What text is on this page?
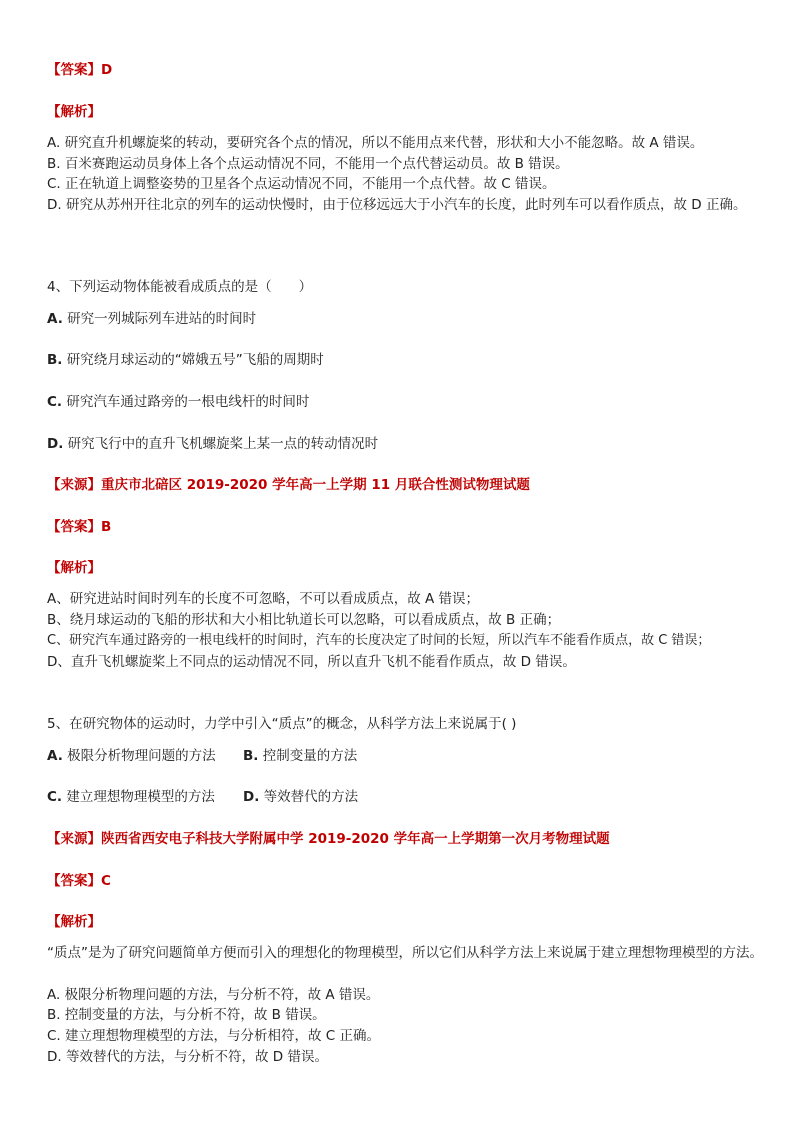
【答案】D
【解析】
A. 研究直升机螺旋桨的转动，要研究各个点的情况，所以不能用点来代替，形状和大小不能忽略。故 A 错误。
B. 百米赛跑运动员身体上各个点运动情况不同，不能用一个点代替运动员。故 B 错误。
C. 正在轨道上调整姿势的卫星各个点运动情况不同，不能用一个点代替。故 C 错误。
D. 研究从苏州开往北京的列车的运动快慢时，由于位移远远大于小汽车的长度，此时列车可以看作质点，故 D 正确。
4、下列运动物体能被看成质点的是（　　）
A. 研究一列城际列车进站的时间时
B. 研究绕月球运动的“嫦娥五号”飞船的周期时
C. 研究汽车通过路旁的一根电线杆的时间时
D. 研究飞行中的直升飞机螺旋桨上某一点的转动情况时
【来源】重庆市北碚区 2019-2020 学年高一上学期 11 月联合性测试物理试题
【答案】B
【解析】
A、研究进站时间时列车的长度不可忽略，不可以看成质点，故 A 错误；
B、绕月球运动的飞船的形状和大小相比轨道长可以忽略，可以看成质点，故 B 正确；
C、研究汽车通过路旁的一根电线杆的时间时，汽车的长度决定了时间的长短，所以汽车不能看作质点，故 C 错误；
D、直升飞机螺旋桨上不同点的运动情况不同，所以直升飞机不能看作质点，故 D 错误。
5、在研究物体的运动时，力学中引入“质点”的概念，从科学方法上来说属于( )
A. 极限分析物理问题的方法 B. 控制变量的方法
C. 建立理想物理模型的方法 D. 等效替代的方法
【来源】陕西省西安电子科技大学附属中学 2019-2020 学年高一上学期第一次月考物理试题
【答案】C
【解析】
“质点”是为了研究问题简单方便而引入的理想化的物理模型，所以它们从科学方法上来说属于建立理想物理模型的方法。
A. 极限分析物理问题的方法，与分析不符，故 A 错误。
B. 控制变量的方法，与分析不符，故 B 错误。
C. 建立理想物理模型的方法，与分析相符，故 C 正确。
D. 等效替代的方法，与分析不符，故 D 错误。
